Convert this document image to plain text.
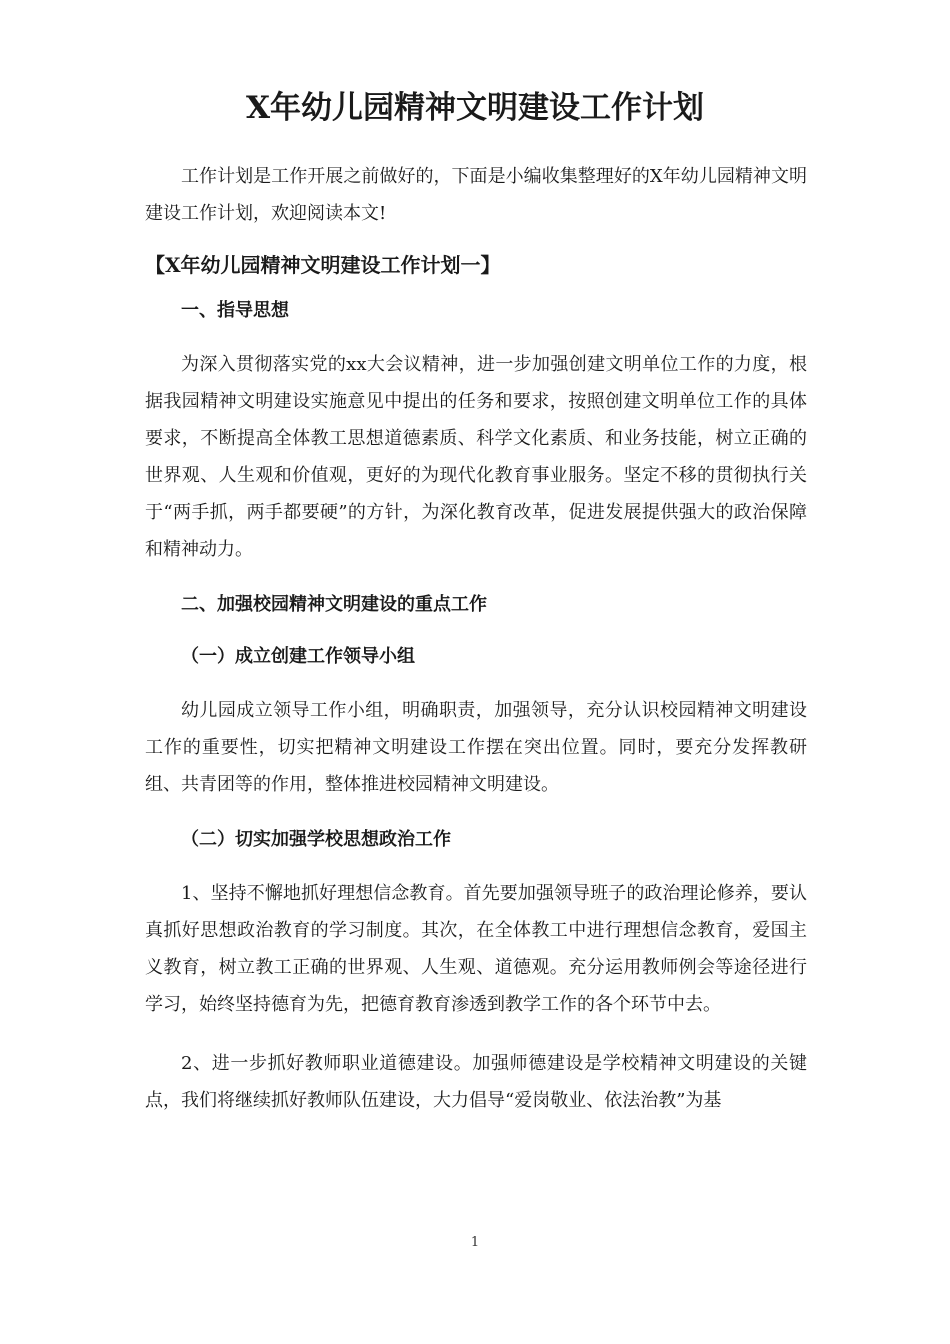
X年幼儿园精神文明建设工作计划

工作计划是工作开展之前做好的，下面是小编收集整理好的X年幼儿园精神文明建设工作计划，欢迎阅读本文!

【X年幼儿园精神文明建设工作计划一】

一、指导思想

为深入贯彻落实党的xx大会议精神，进一步加强创建文明单位工作的力度，根据我园精神文明建设实施意见中提出的任务和要求，按照创建文明单位工作的具体要求，不断提高全体教工思想道德素质、科学文化素质、和业务技能，树立正确的世界观、人生观和价值观，更好的为现代化教育事业服务。坚定不移的贯彻执行关于“两手抓，两手都要硬”的方针，为深化教育改革，促进发展提供强大的政治保障和精神动力。

二、加强校园精神文明建设的重点工作

（一）成立创建工作领导小组

幼儿园成立领导工作小组，明确职责，加强领导，充分认识校园精神文明建设工作的重要性，切实把精神文明建设工作摆在突出位置。同时，要充分发挥教研组、共青团等的作用，整体推进校园精神文明建设。

（二）切实加强学校思想政治工作

1、坚持不懈地抓好理想信念教育。首先要加强领导班子的政治理论修养，要认真抓好思想政治教育的学习制度。其次，在全体教工中进行理想信念教育，爱国主义教育，树立教工正确的世界观、人生观、道德观。充分运用教师例会等途径进行学习，始终坚持德育为先，把德育教育渗透到教学工作的各个环节中去。

2、进一步抓好教师职业道德建设。加强师德建设是学校精神文明建设的关键点，我们将继续抓好教师队伍建设，大力倡导“爱岗敬业、依法治教”为基

1
